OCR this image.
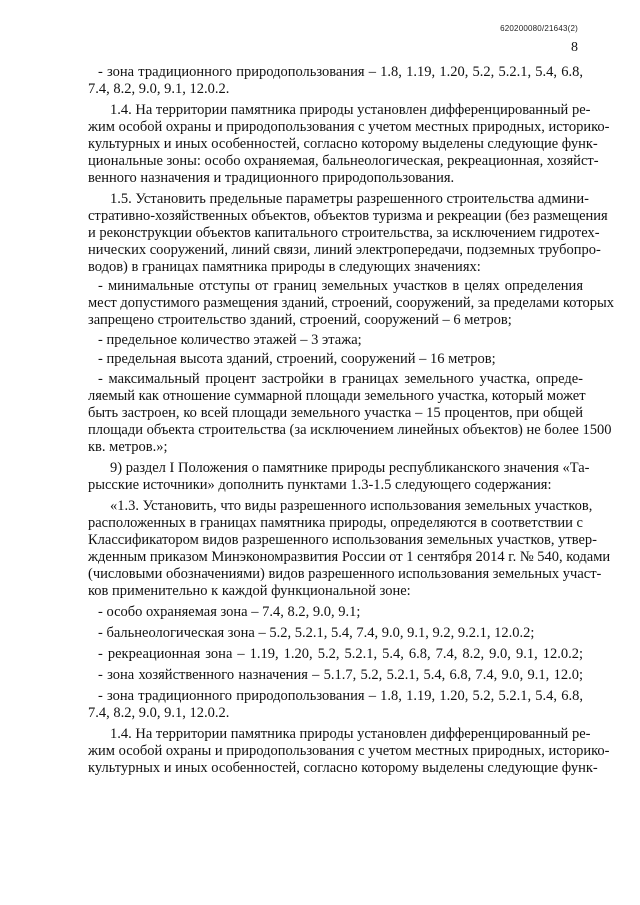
620200080/21643(2)
8
- зона традиционного природопользования – 1.8, 1.19, 1.20, 5.2, 5.2.1, 5.4, 6.8,
7.4, 8.2, 9.0, 9.1, 12.0.2.
1.4. На территории памятника природы установлен дифференцированный ре-
жим особой охраны и природопользования с учетом местных природных, историко-
культурных и иных особенностей, согласно которому выделены следующие функ-
циональные зоны: особо охраняемая, бальнеологическая, рекреационная, хозяйст-
венного назначения и традиционного природопользования.
1.5. Установить предельные параметры разрешенного строительства админи-
стративно-хозяйственных объектов, объектов туризма и рекреации (без размещения
и реконструкции объектов капитального строительства, за исключением гидротех-
нических сооружений, линий связи, линий электропередачи, подземных трубопро-
водов) в границах памятника природы в следующих значениях:
- минимальные отступы от границ земельных участков в целях определения
мест допустимого размещения зданий, строений, сооружений, за пределами которых
запрещено строительство зданий, строений, сооружений – 6 метров;
- предельное количество этажей – 3 этажа;
- предельная высота зданий, строений, сооружений – 16 метров;
- максимальный процент застройки в границах земельного участка, опреде-
ляемый как отношение суммарной площади земельного участка, который может
быть застроен, ко всей площади земельного участка – 15 процентов, при общей
площади объекта строительства (за исключением линейных объектов) не более 1500
кв. метров.»;
9) раздел I Положения о памятнике природы республиканского значения «Та-
рысские источники» дополнить пунктами 1.3-1.5 следующего содержания:
«1.3. Установить, что виды разрешенного использования земельных участков,
расположенных в границах памятника природы, определяются в соответствии с
Классификатором видов разрешенного использования земельных участков, утвер-
жденным приказом Минэкономразвития России от 1 сентября 2014 г. № 540, кодами
(числовыми обозначениями) видов разрешенного использования земельных участ-
ков применительно к каждой функциональной зоне:
- особо охраняемая зона – 7.4, 8.2, 9.0, 9.1;
- бальнеологическая зона – 5.2, 5.2.1, 5.4, 7.4, 9.0, 9.1, 9.2, 9.2.1, 12.0.2;
- рекреационная зона – 1.19, 1.20, 5.2, 5.2.1, 5.4, 6.8, 7.4, 8.2, 9.0, 9.1, 12.0.2;
- зона хозяйственного назначения – 5.1.7, 5.2, 5.2.1, 5.4, 6.8, 7.4, 9.0, 9.1, 12.0;
- зона традиционного природопользования – 1.8, 1.19, 1.20, 5.2, 5.2.1, 5.4, 6.8,
7.4, 8.2, 9.0, 9.1, 12.0.2.
1.4. На территории памятника природы установлен дифференцированный ре-
жим особой охраны и природопользования с учетом местных природных, историко-
культурных и иных особенностей, согласно которому выделены следующие функ-
